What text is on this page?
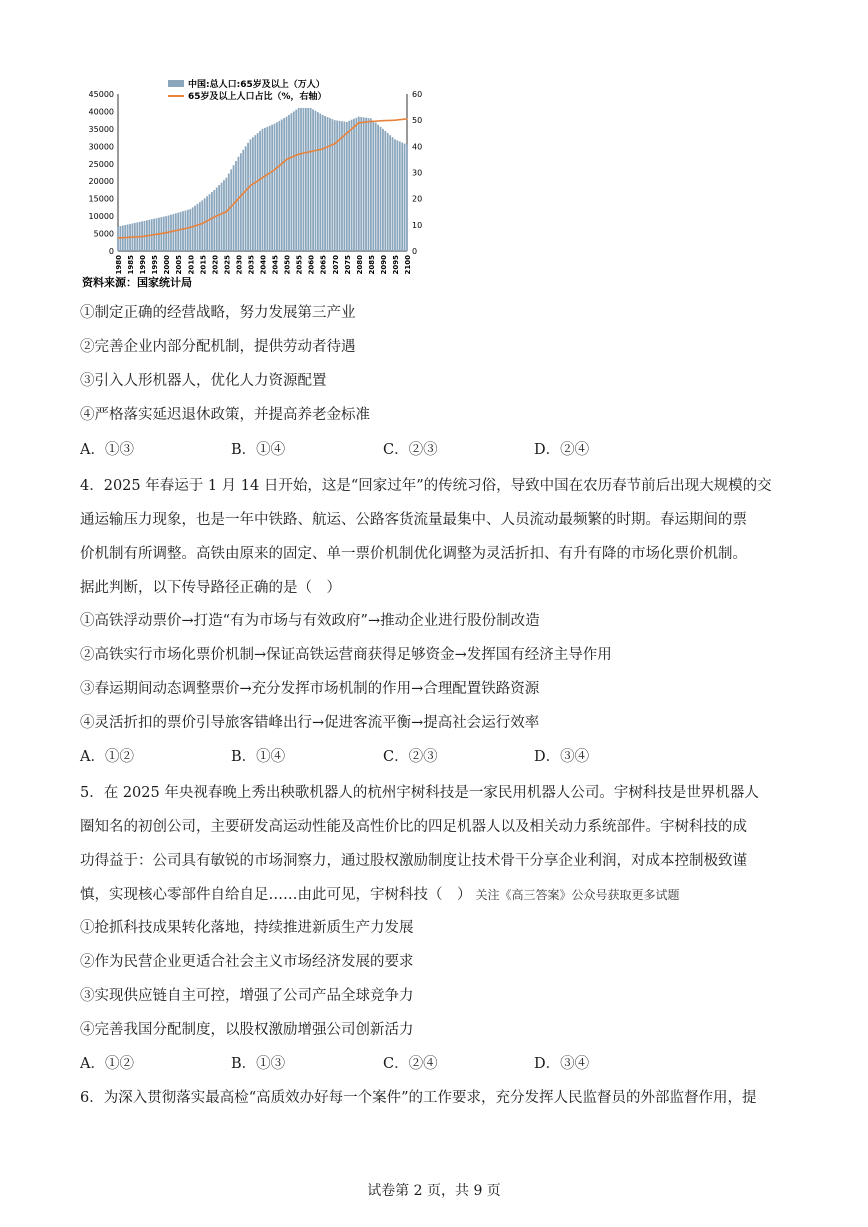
中国:总人口:65岁及以上（万人）
65岁及以上人口占比（%，右轴）
0
5000
10000
15000
20000
25000
30000
35000
40000
45000
0
10
20
30
40
50
60
1980 1985 1990 1995 2000 2005 2010 2015 2020 2025 2030 2035 2040 2045 2050 2055 2060 2065 2070 2075 2080 2085 2090 2095 2100
资料来源：国家统计局
①制定正确的经营战略，努力发展第三产业
②完善企业内部分配机制，提供劳动者待遇
③引入人形机器人，优化人力资源配置
④严格落实延迟退休政策，并提高养老金标准
A．①③	B．①④	C．②③	D．②④
4．2025 年春运于 1 月 14 日开始，这是“回家过年”的传统习俗，导致中国在农历春节前后出现大规模的交
通运输压力现象，也是一年中铁路、航运、公路客货流量最集中、人员流动最频繁的时期。春运期间的票
价机制有所调整。高铁由原来的固定、单一票价机制优化调整为灵活折扣、有升有降的市场化票价机制。
据此判断，以下传导路径正确的是（　）
①高铁浮动票价→打造“有为市场与有效政府”→推动企业进行股份制改造
②高铁实行市场化票价机制→保证高铁运营商获得足够资金→发挥国有经济主导作用
③春运期间动态调整票价→充分发挥市场机制的作用→合理配置铁路资源
④灵活折扣的票价引导旅客错峰出行→促进客流平衡→提高社会运行效率
A．①②	B．①④	C．②③	D．③④
5．在 2025 年央视春晚上秀出秧歌机器人的杭州宇树科技是一家民用机器人公司。宇树科技是世界机器人
圈知名的初创公司，主要研发高运动性能及高性价比的四足机器人以及相关动力系统部件。宇树科技的成
功得益于：公司具有敏锐的市场洞察力，通过股权激励制度让技术骨干分享企业利润，对成本控制极致谨
慎，实现核心零部件自给自足……由此可见，宇树科技（　） 关注《高三答案》公众号获取更多试题
①抢抓科技成果转化落地，持续推进新质生产力发展
②作为民营企业更适合社会主义市场经济发展的要求
③实现供应链自主可控，增强了公司产品全球竞争力
④完善我国分配制度，以股权激励增强公司创新活力
A．①②	B．①③	C．②④	D．③④
6．为深入贯彻落实最高检“高质效办好每一个案件”的工作要求，充分发挥人民监督员的外部监督作用，提
试卷第 2 页，共 9 页
